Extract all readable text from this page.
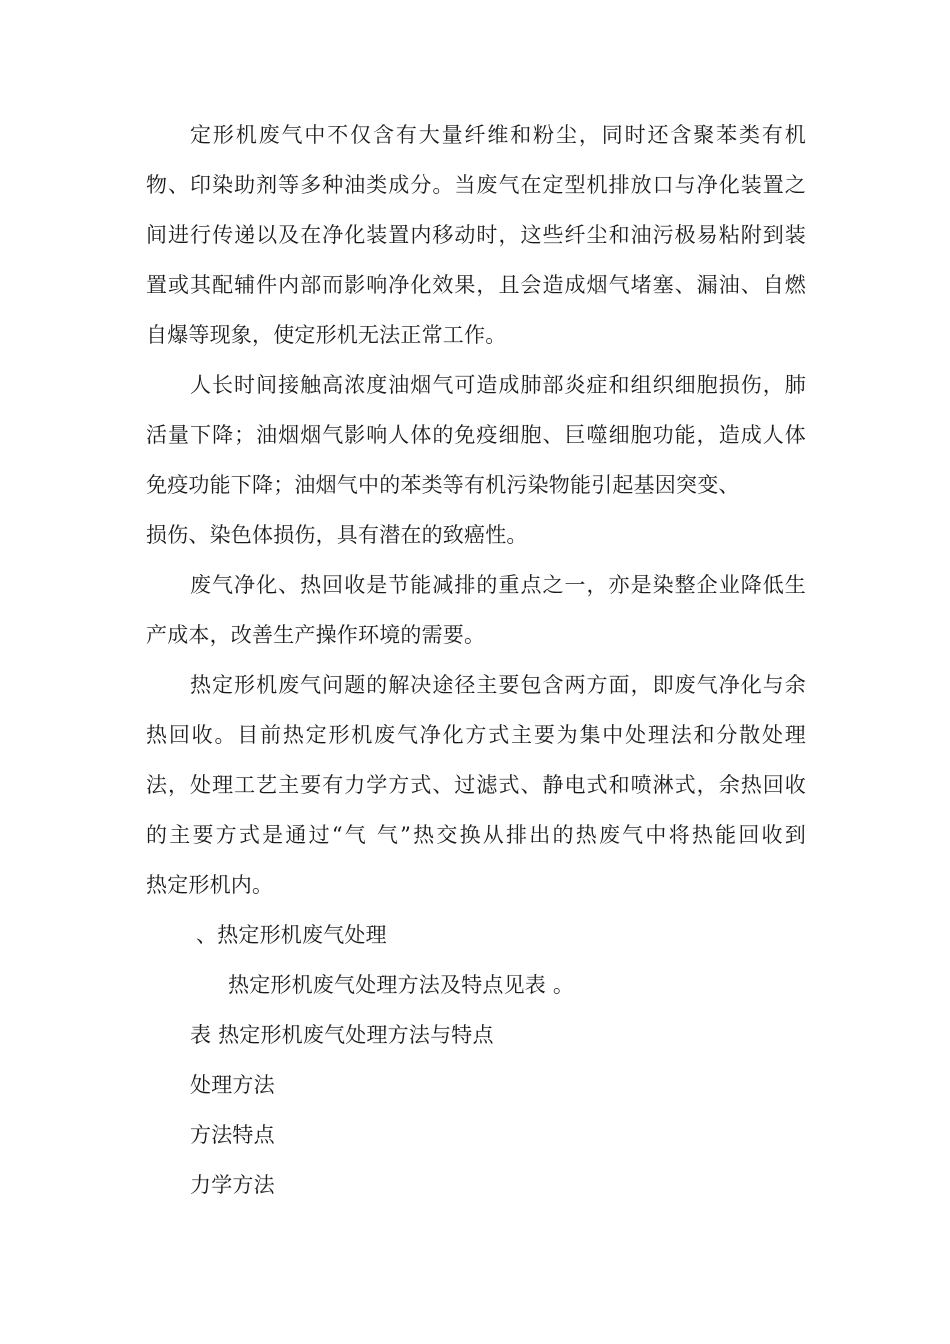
定形机废气中不仅含有大量纤维和粉尘，同时还含聚苯类有机
物、印染助剂等多种油类成分。当废气在定型机排放口与净化装置之
间进行传递以及在净化装置内移动时，这些纤尘和油污极易粘附到装
置或其配辅件内部而影响净化效果，且会造成烟气堵塞、漏油、自燃
自爆等现象，使定形机无法正常工作。
人长时间接触高浓度油烟气可造成肺部炎症和组织细胞损伤，肺
活量下降；油烟烟气影响人体的免疫细胞、巨噬细胞功能，造成人体
免疫功能下降；油烟气中的苯类等有机污染物能引起基因突变、
损伤、染色体损伤，具有潜在的致癌性。
废气净化、热回收是节能减排的重点之一，亦是染整企业降低生
产成本，改善生产操作环境的需要。
热定形机废气问题的解决途径主要包含两方面，即废气净化与余
热回收。目前热定形机废气净化方式主要为集中处理法和分散处理
法，处理工艺主要有力学方式、过滤式、静电式和喷淋式，余热回收
的主要方式是通过“气 气”热交换从排出的热废气中将热能回收到
热定形机内。
、热定形机废气处理
热定形机废气处理方法及特点见表 。
表 热定形机废气处理方法与特点
处理方法
方法特点
力学方法
